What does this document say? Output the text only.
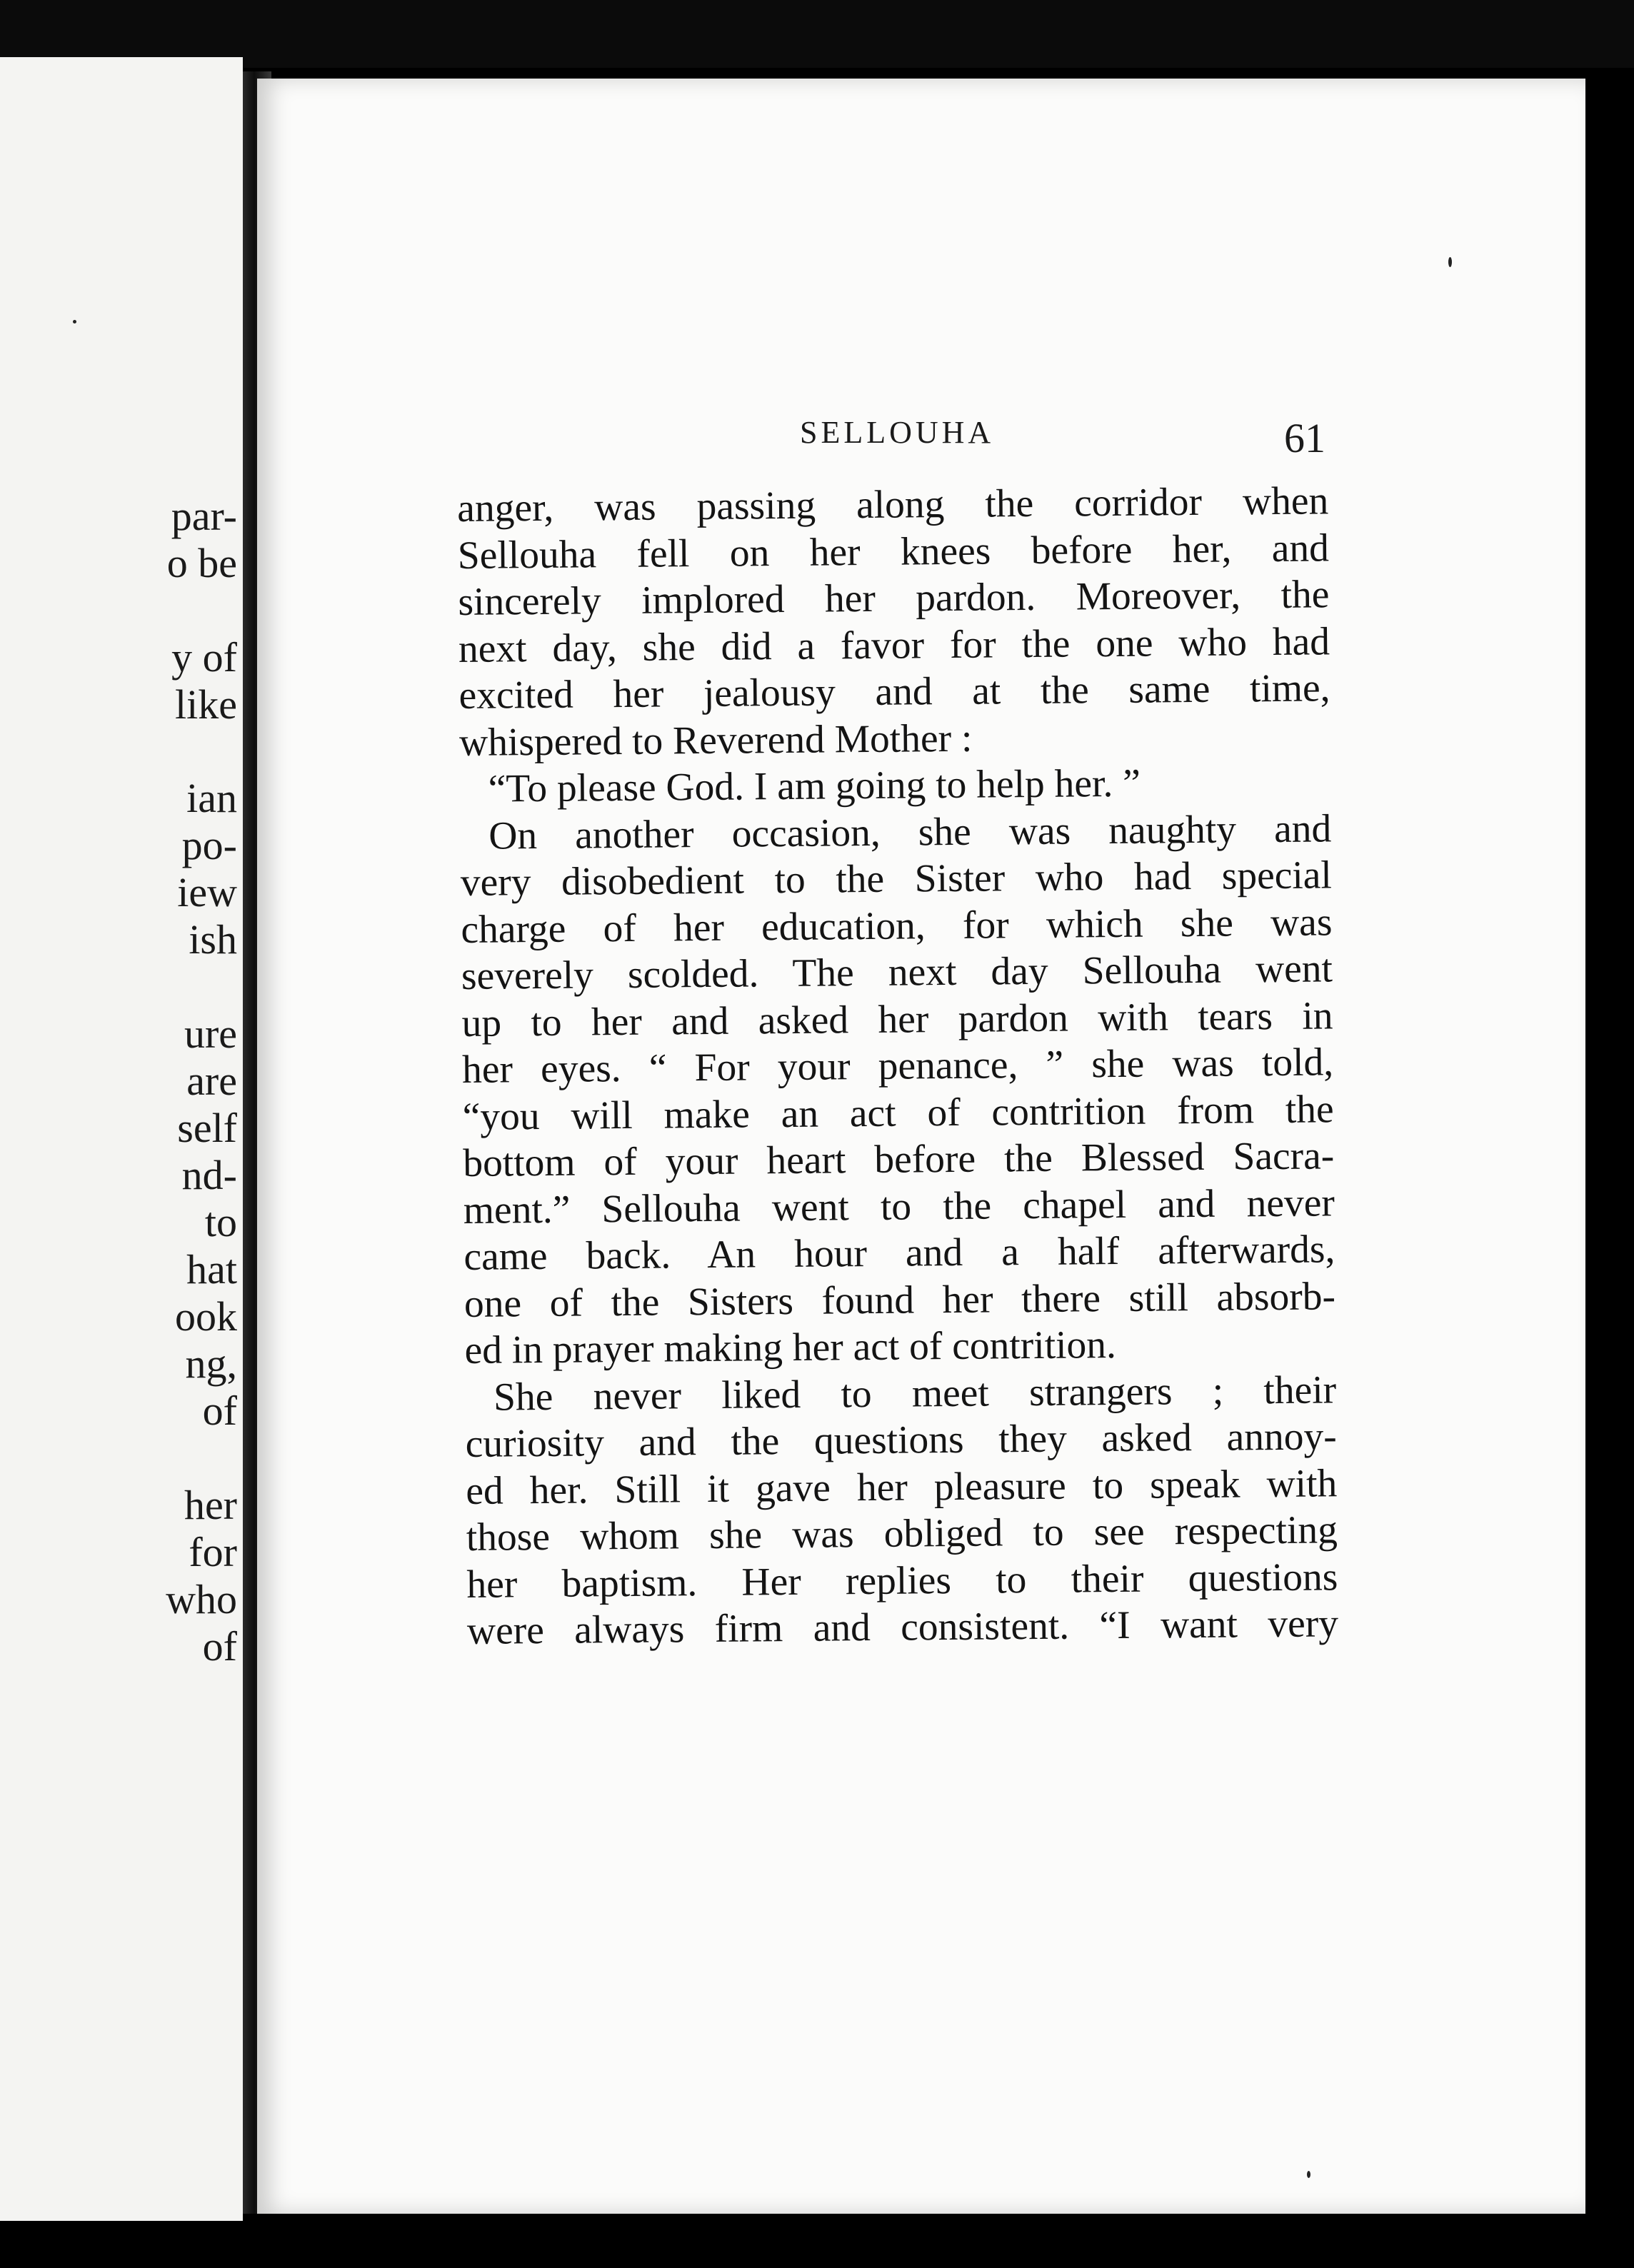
par-
o be
y of
like
ian
po-
iew
ish
ure
are
self
nd-
to
hat
ook
ng,
of
her
for
who
of
SELLOUHA	61
anger, was passing along the corridor when
Sellouha fell on her knees before her, and
sincerely implored her pardon. Moreover, the
next day, she did a favor for the one who had
excited her jealousy and at the same time,
whispered to Reverend Mother :
“To please God. I am going to help her. ”
On another occasion, she was naughty and
very disobedient to the Sister who had special
charge of her education, for which she was
severely scolded. The next day Sellouha went
up to her and asked her pardon with tears in
her eyes. “ For your penance, ” she was told,
“you will make an act of contrition from the
bottom of your heart before the Blessed Sacra-
ment.” Sellouha went to the chapel and never
came back. An hour and a half afterwards,
one of the Sisters found her there still absorb-
ed in prayer making her act of contrition.
She never liked to meet strangers ; their
curiosity and the questions they asked annoy-
ed her. Still it gave her pleasure to speak with
those whom she was obliged to see respecting
her baptism. Her replies to their questions
were always firm and consistent. “I want very
